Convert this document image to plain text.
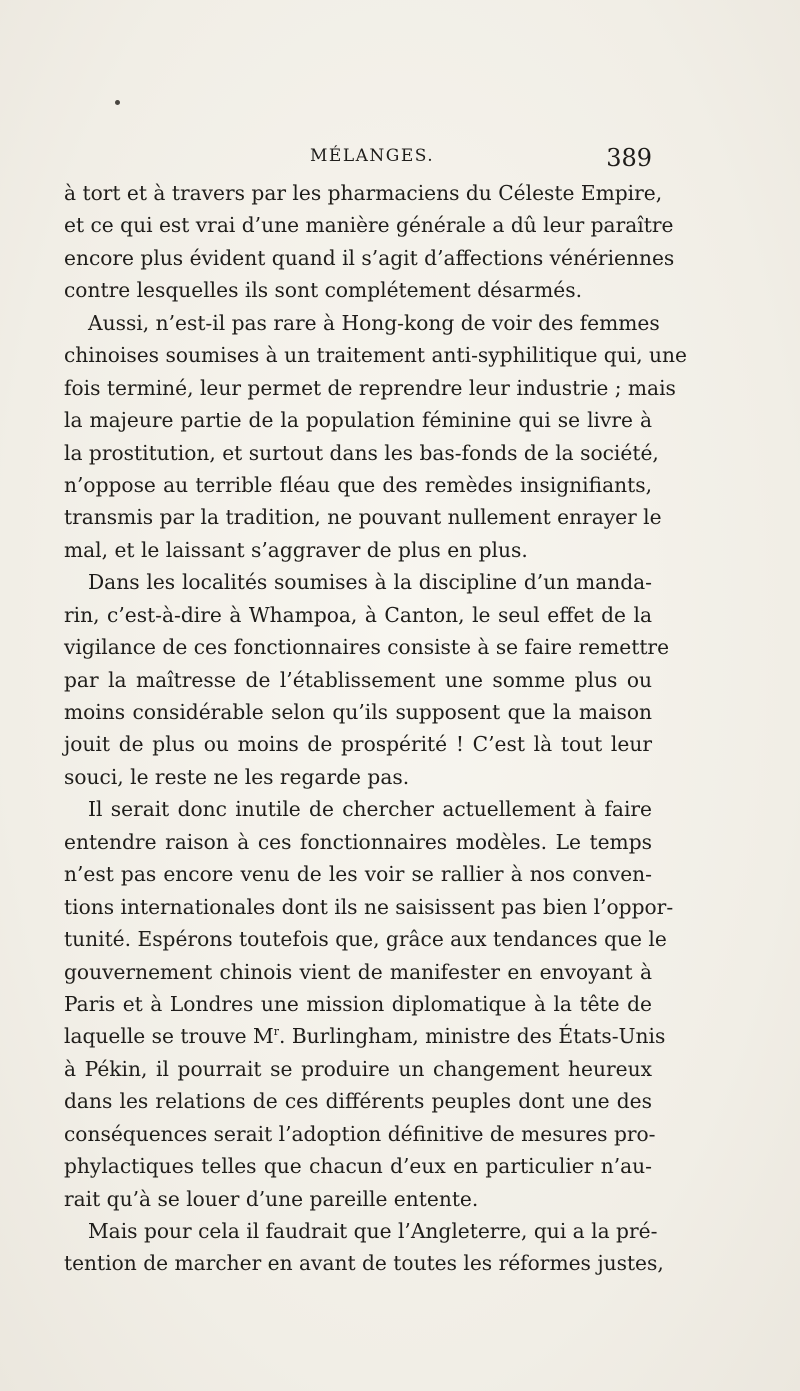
MÉLANGES.	389
à tort et à travers par les pharmaciens du Céleste Empire,
et ce qui est vrai d’une manière générale a dû leur paraître
encore plus évident quand il s’agit d’affections vénériennes
contre lesquelles ils sont complétement désarmés.
Aussi, n’est-il pas rare à Hong-kong de voir des femmes
chinoises soumises à un traitement anti-syphilitique qui, une
fois terminé, leur permet de reprendre leur industrie ; mais
la majeure partie de la population féminine qui se livre à
la prostitution, et surtout dans les bas-fonds de la société,
n’oppose au terrible fléau que des remèdes insignifiants,
transmis par la tradition, ne pouvant nullement enrayer le
mal, et le laissant s’aggraver de plus en plus.
Dans les localités soumises à la discipline d’un manda-
rin, c’est-à-dire à Whampoa, à Canton, le seul effet de la
vigilance de ces fonctionnaires consiste à se faire remettre
par la maîtresse de l’établissement une somme plus ou
moins considérable selon qu’ils supposent que la maison
jouit de plus ou moins de prospérité ! C’est là tout leur
souci, le reste ne les regarde pas.
Il serait donc inutile de chercher actuellement à faire
entendre raison à ces fonctionnaires modèles. Le temps
n’est pas encore venu de les voir se rallier à nos conven-
tions internationales dont ils ne saisissent pas bien l’oppor-
tunité. Espérons toutefois que, grâce aux tendances que le
gouvernement chinois vient de manifester en envoyant à
Paris et à Londres une mission diplomatique à la tête de
laquelle se trouve $M^r$. Burlingham, ministre des États-Unis
à Pékin, il pourrait se produire un changement heureux
dans les relations de ces différents peuples dont une des
conséquences serait l’adoption définitive de mesures pro-
phylactiques telles que chacun d’eux en particulier n’au-
rait qu’à se louer d’une pareille entente.
Mais pour cela il faudrait que l’Angleterre, qui a la pré-
tention de marcher en avant de toutes les réformes justes,
